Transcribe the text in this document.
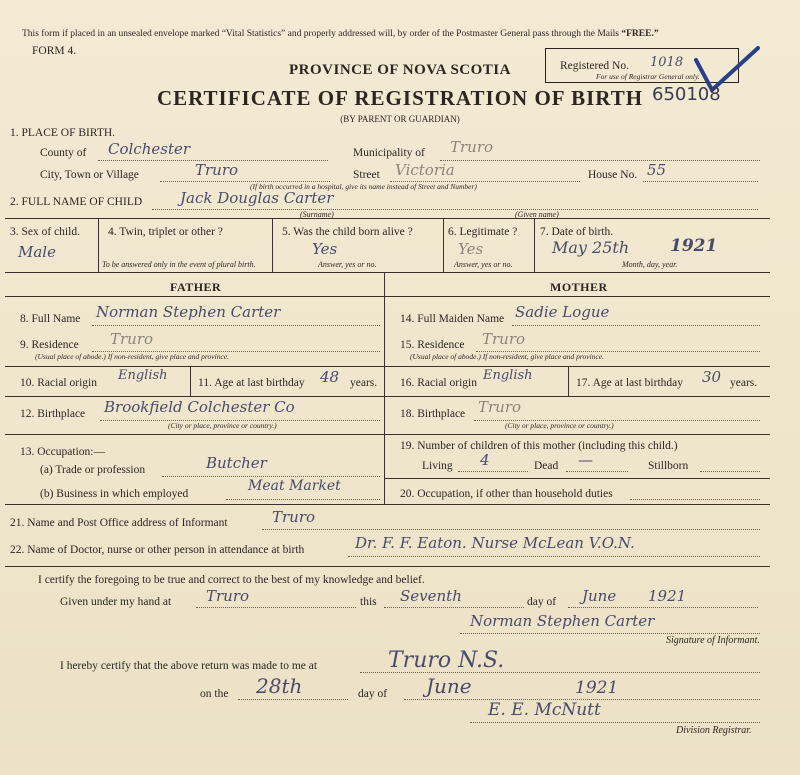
This form if placed in an unsealed envelope marked “Vital Statistics” and properly addressed will, by order of the Postmaster General pass through the Mails “FREE.”
FORM 4.
Registered No. 1018
For use of Registrar General only.
650108
PROVINCE OF NOVA SCOTIA
CERTIFICATE OF REGISTRATION OF BIRTH
(BY PARENT OR GUARDIAN)
1. PLACE OF BIRTH.
County of Colchester	Municipality of Truro
City, Town or Village	Truro	Street Victoria	House No. 55
(If birth occurred in a hospital, give its name instead of Street and Number)
2. FULL NAME OF CHILD	Jack Douglas Carter
(Surname)	(Given name)
3. Sex of child.
Male
4. Twin, triplet or other ?
To be answered only in the event of plural birth.
5. Was the child born alive ?
Yes
Answer, yes or no.
6. Legitimate ?
Yes
Answer, yes or no.
7. Date of birth.
May 25th 1921
Month, day, year.
FATHER	MOTHER
8. Full Name Norman Stephen Carter
9. Residence Truro
(Usual place of abode.) If non-resident, give place and province.
10. Racial origin English	11. Age at last birthday 48 years.
12. Birthplace Brookfield Colchester Co
(City or place, province or country.)
13. Occupation:—
(a) Trade or profession	Butcher
(b) Business in which employed	Meat Market
14. Full Maiden Name Sadie Logue
15. Residence Truro
(Usual place of abode.) If non-resident, give place and province.
16. Racial origin English	17. Age at last birthday 30 years.
18. Birthplace Truro
(City or place, province or country.)
19. Number of children of this mother (including this child.)
Living 4	Dead —	Stillborn
20. Occupation, if other than household duties
21. Name and Post Office address of Informant	Truro
22. Name of Doctor, nurse or other person in attendance at birth	Dr. F. F. Eaton. Nurse McLean V.O.N.
I certify the foregoing to be true and correct to the best of my knowledge and belief.
Given under my hand at Truro	this Seventh	day of June 1921
Norman Stephen Carter
Signature of Informant.
I hereby certify that the above return was made to me at	Truro N.S.
on the 28th	day of June	1921
E. E. McNutt
Division Registrar.
